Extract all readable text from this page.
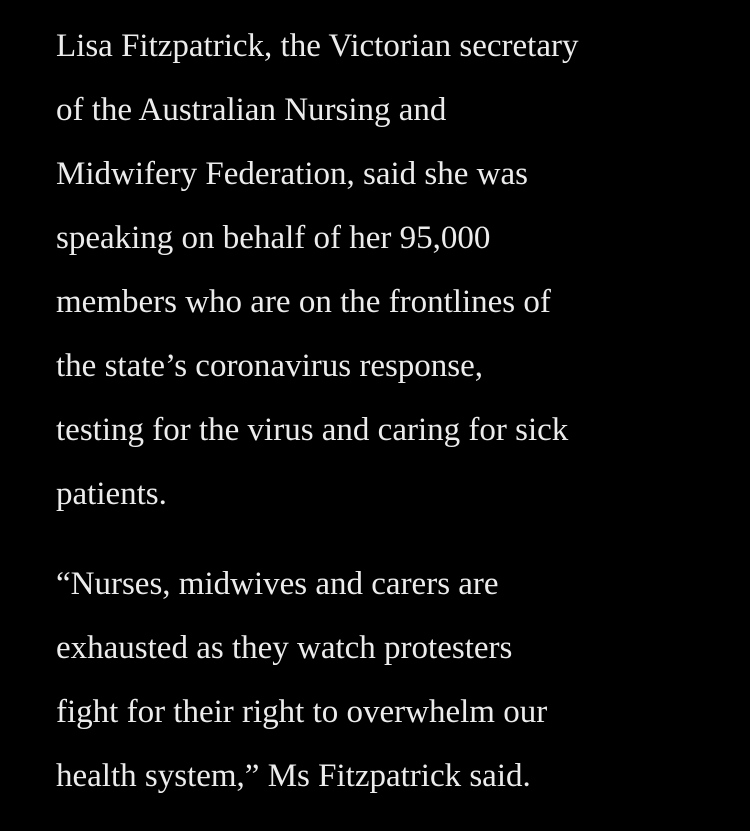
Lisa Fitzpatrick, the Victorian secretary
of the Australian Nursing and
Midwifery Federation, said she was
speaking on behalf of her 95,000
members who are on the frontlines of
the state’s coronavirus response,
testing for the virus and caring for sick
patients.

“Nurses, midwives and carers are
exhausted as they watch protesters
fight for their right to overwhelm our
health system,” Ms Fitzpatrick said.
